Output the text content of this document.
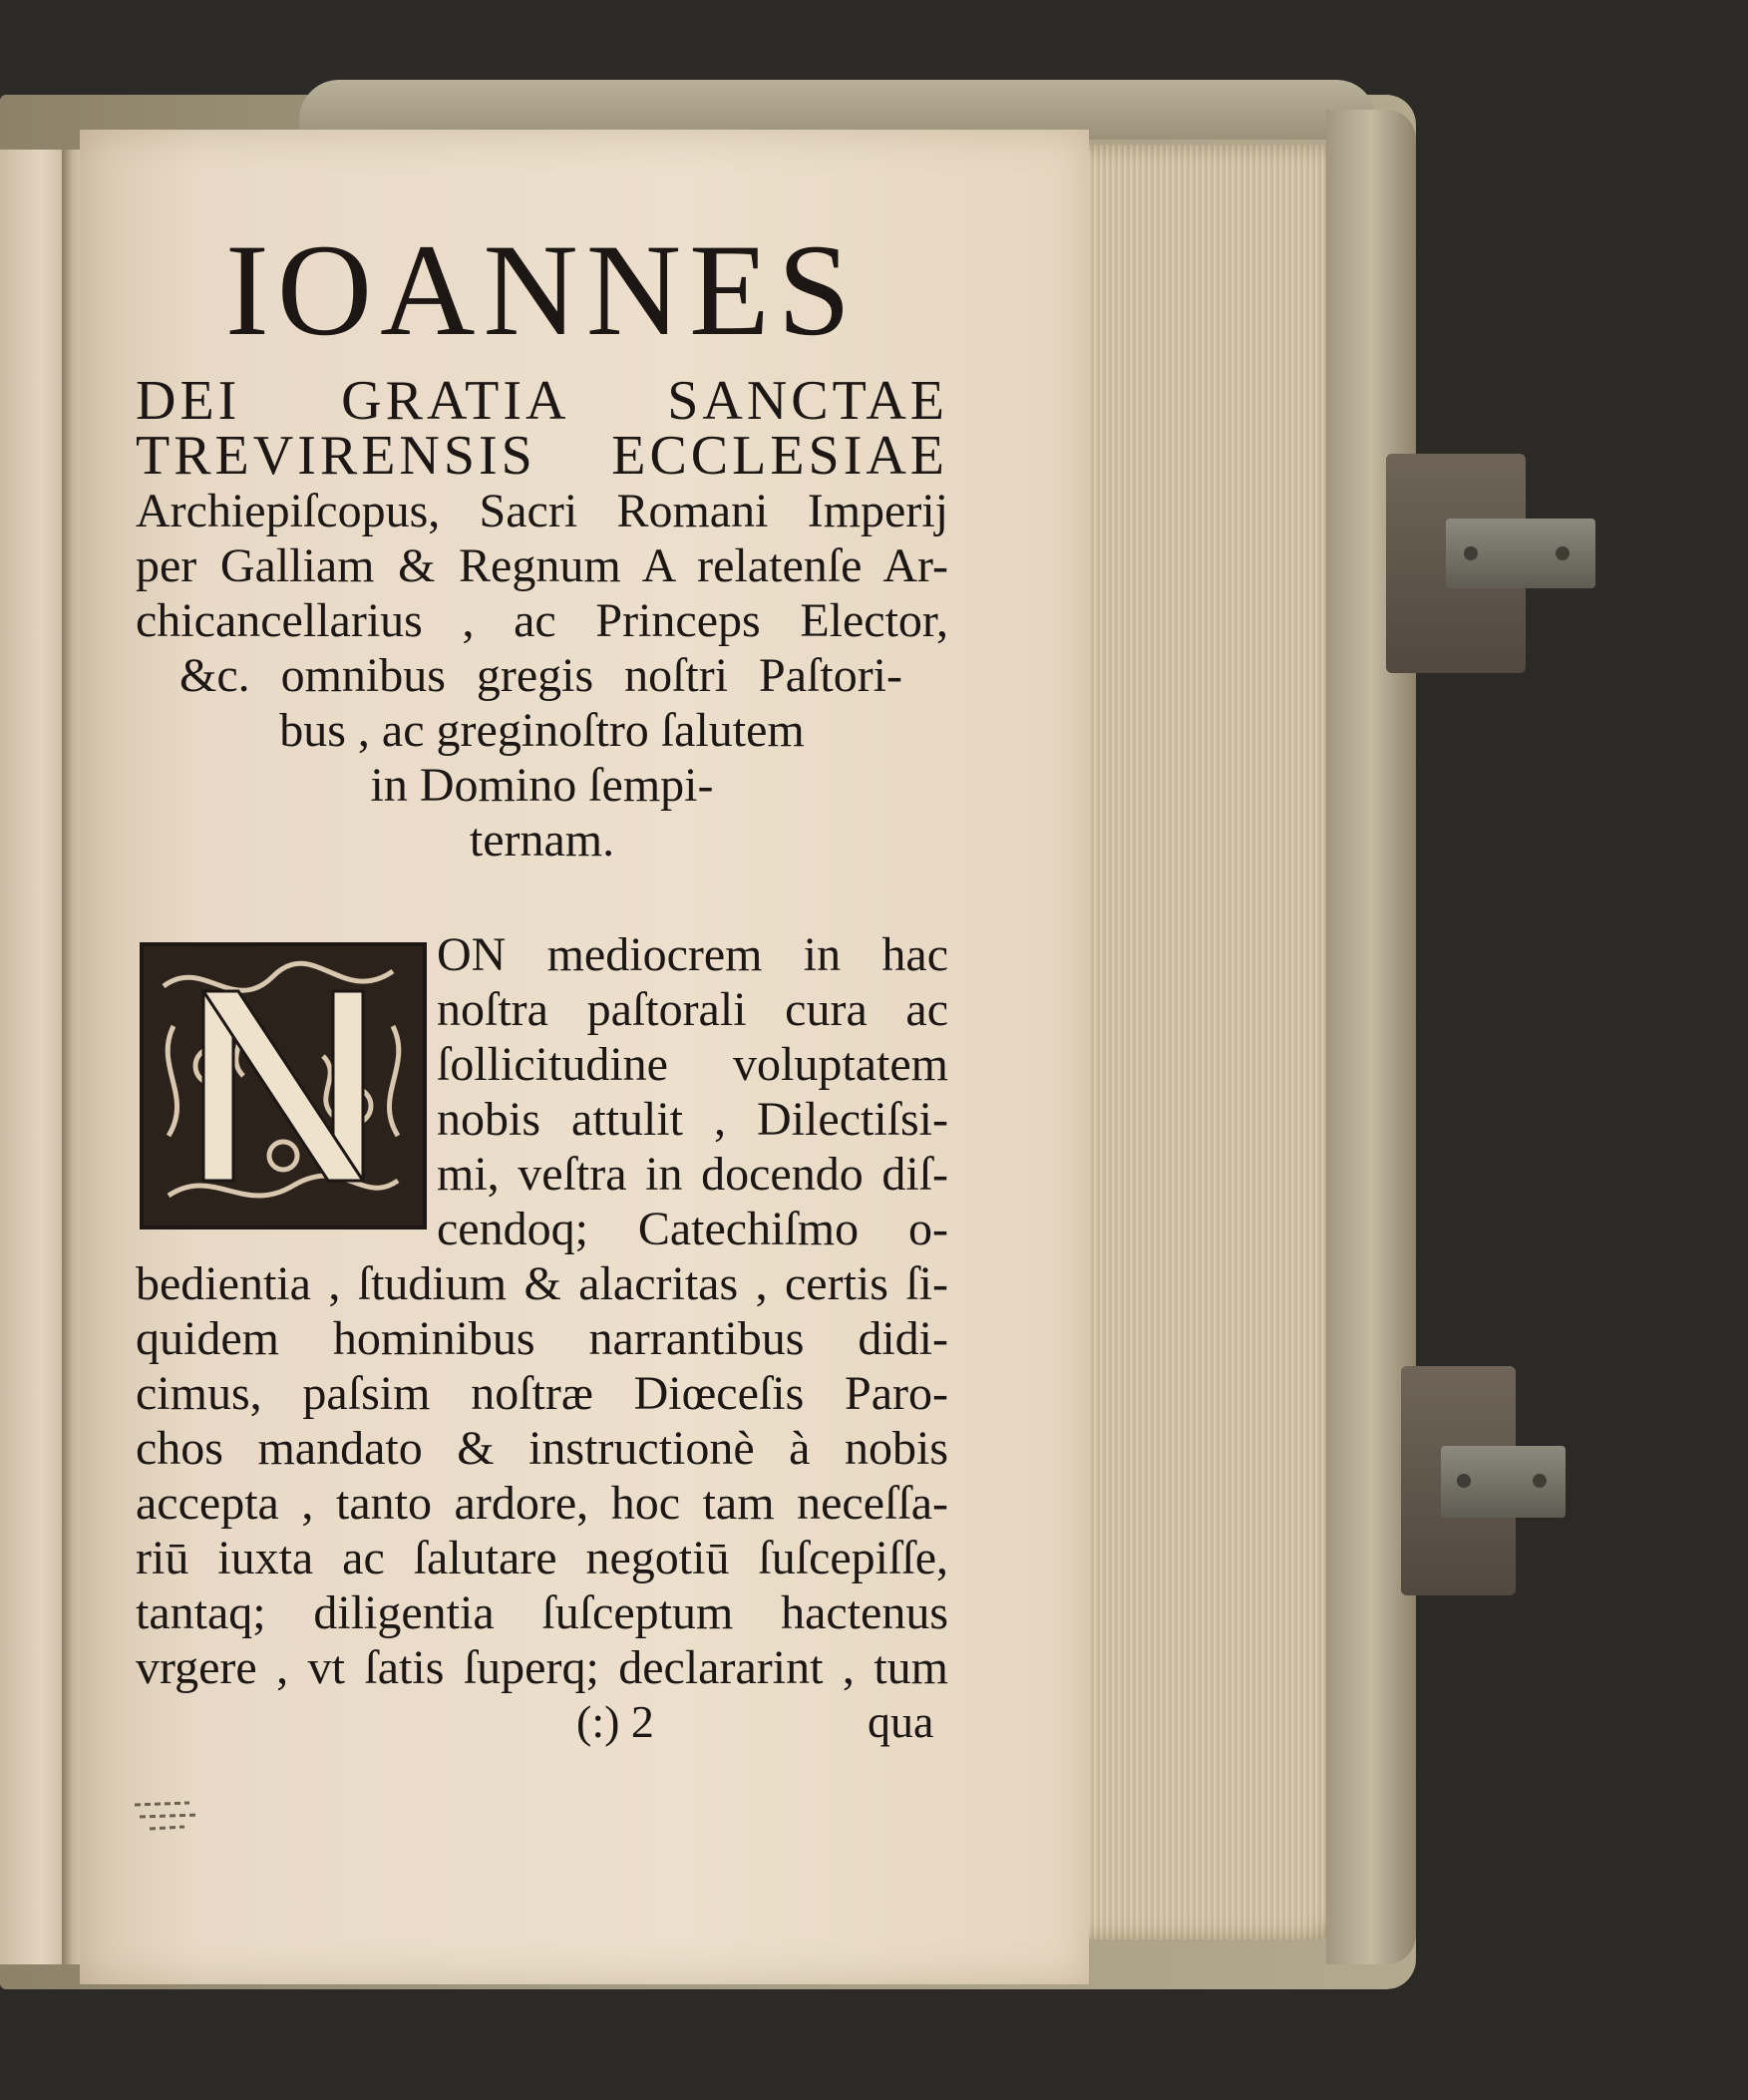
IOANNES
DEI GRATIA SANCTAE
TREVIRENSIS ECCLESIAE
Archiepiſcopus, Sacri Romani Imperij
per Galliam & Regnum A relatenſe Ar-
chicancellarius , ac Princeps Elector,
&c. omnibus gregis noſtri Paſtori-
bus , ac greginoſtro ſalutem
in Domino ſempi-
ternam.
N
ON mediocrem in hac
noſtra paſtorali cura ac
ſollicitudine voluptatem
nobis attulit , Dilectiſsi-
mi, veſtra in docendo diſ-
cendoq; Catechiſmo o-
bedientia , ſtudium & alacritas , certis ſi-
quidem hominibus narrantibus didi-
cimus, paſsim noſtræ Diœceſis Paro-
chos mandato & instructionè à nobis
accepta , tanto ardore, hoc tam neceſſa-
riū iuxta ac ſalutare negotiū ſuſcepiſſe,
tantaq; diligentia ſuſceptum hactenus
vrgere , vt ſatis ſuperq; declararint , tum
(:) 2	qua
